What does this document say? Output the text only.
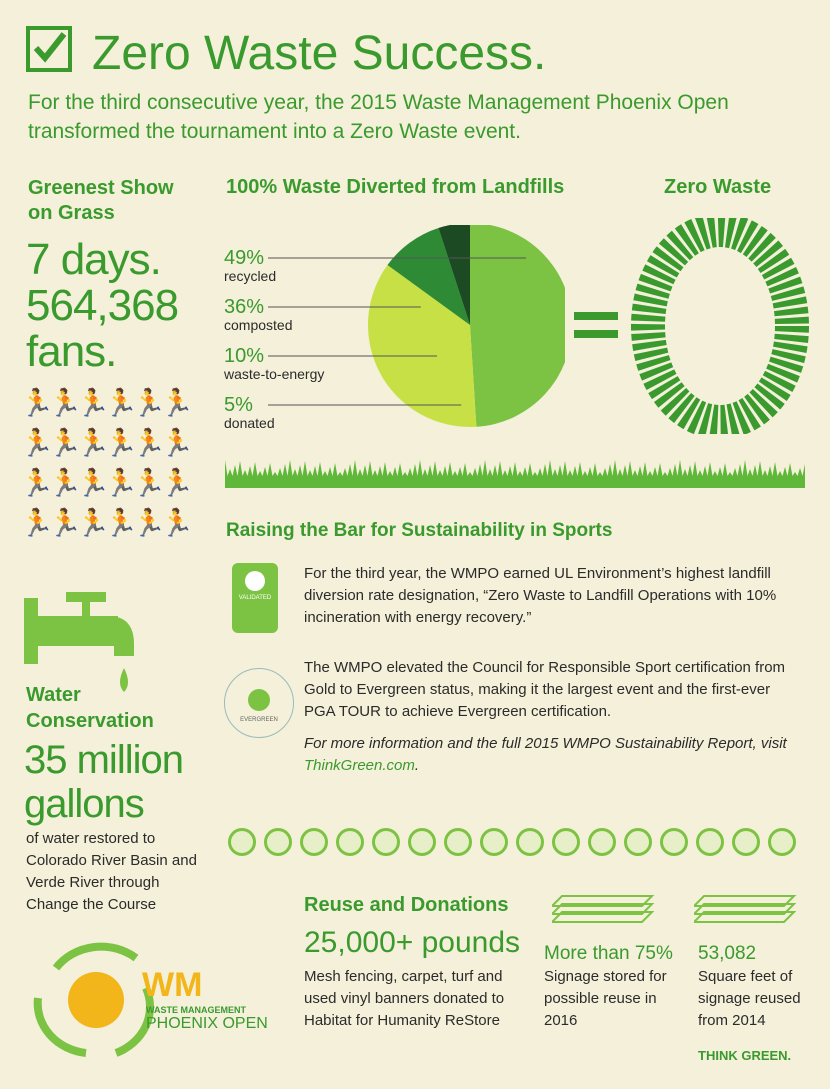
Zero Waste Success.
For the third consecutive year, the 2015 Waste Management Phoenix Open transformed the tournament into a Zero Waste event.
Greenest Show
on Grass
7 days.
564,368
fans.
🏃🏃🏃🏃🏃🏃
🏃🏃🏃🏃🏃🏃
🏃🏃🏃🏃🏃🏃
🏃🏃🏃🏃🏃🏃
100% Waste Diverted from Landfills	Zero Waste
49%
recycled
36%
composted
10%
waste-to-energy
5%
donated
Raising the Bar for Sustainability in Sports
VALIDATED
For the third year, the WMPO earned UL Environment’s highest landfill diversion rate designation, “Zero Waste to Landfill Operations with 10% incineration with energy recovery.”
EVERGREEN
The WMPO elevated the Council for Responsible Sport certification from Gold to Evergreen status, making it the largest event and the first-ever PGA TOUR to achieve Evergreen certification.
For more information and the full 2015 WMPO Sustainability Report, visit ThinkGreen.com.
Water
Conservation
35 million
gallons
of water restored to Colorado River Basin and Verde River through Change the Course	Reuse and Donations
25,000+ pounds
Mesh fencing, carpet, turf and used vinyl banners donated to Habitat for Humanity ReStore
More than 75%
Signage stored for possible reuse in 2016
53,082
Square feet of signage reused from 2014
WM
WASTE MANAGEMENT
PHOENIX OPEN
THINK GREEN.
